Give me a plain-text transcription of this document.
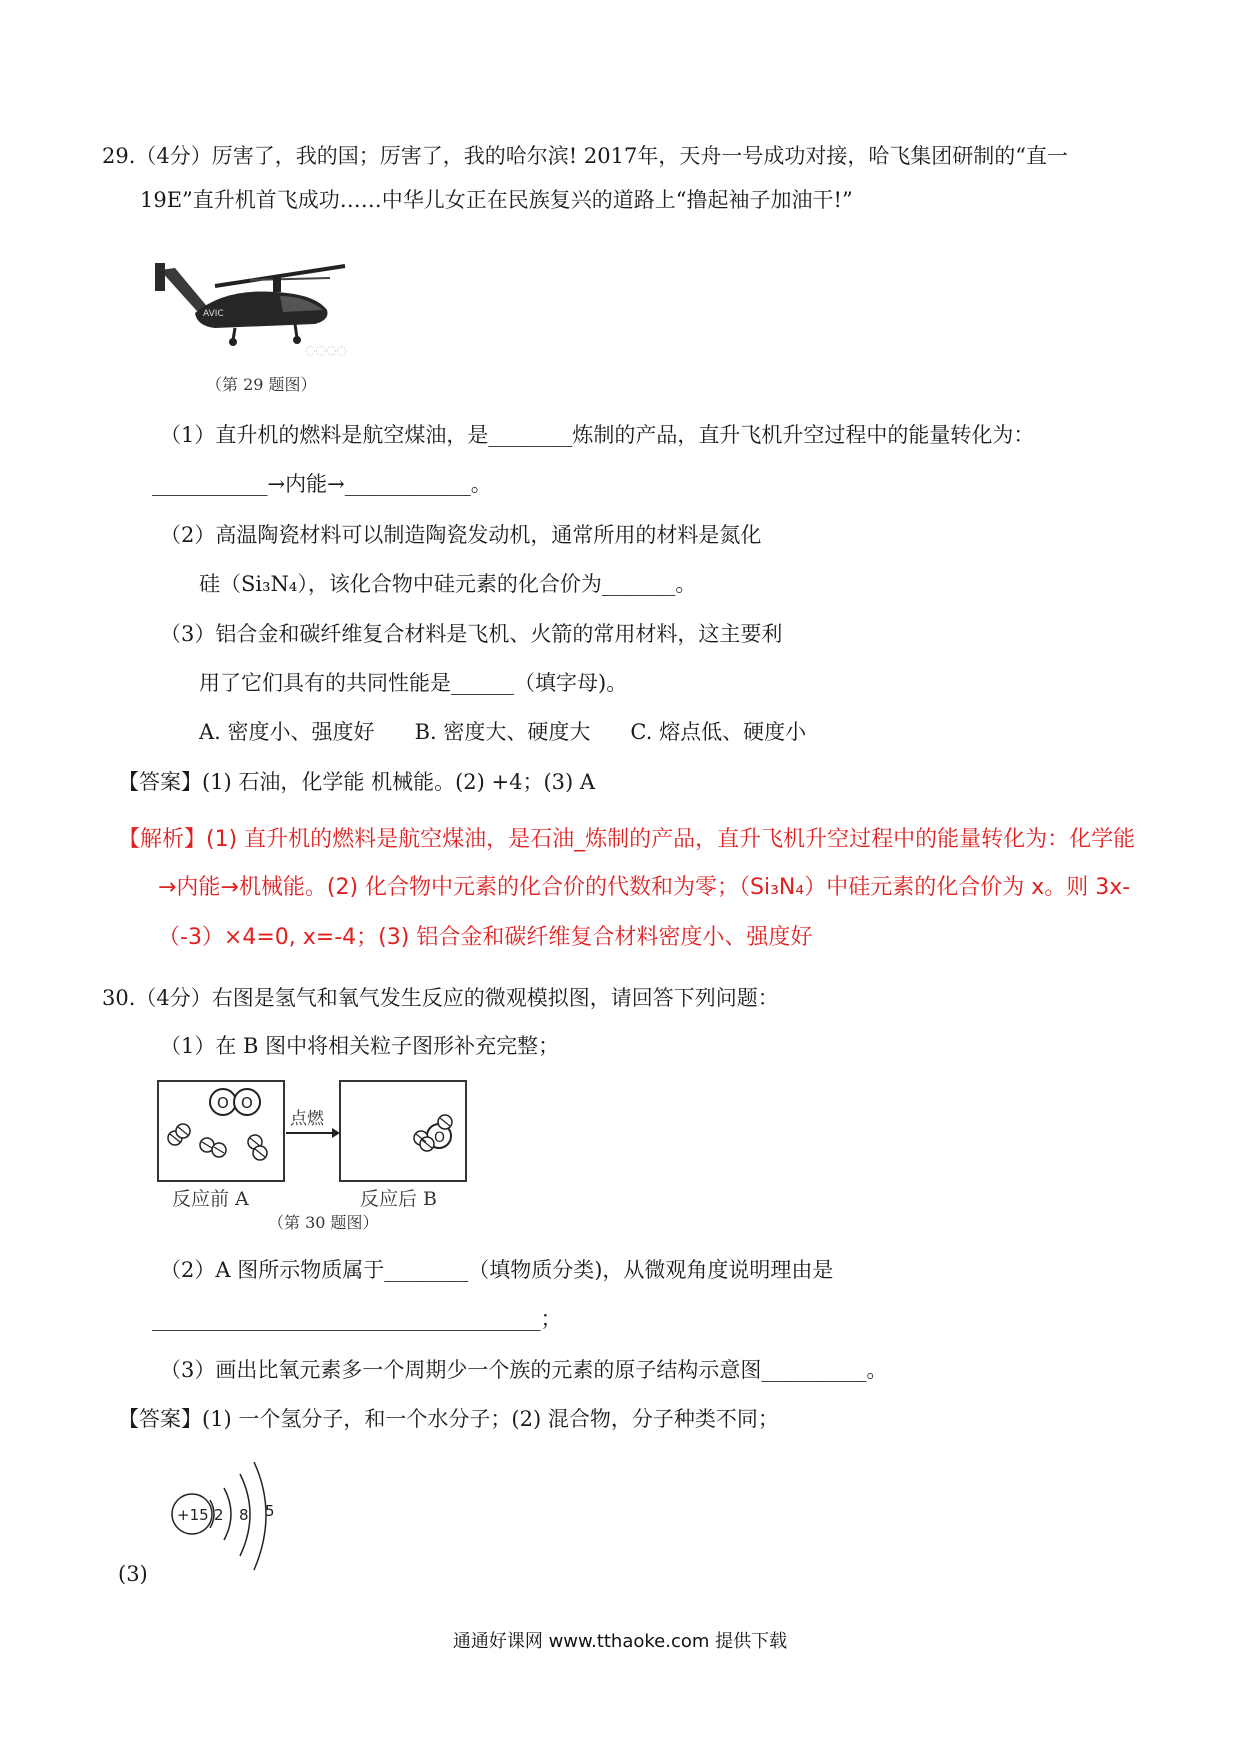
29.（4分）厉害了，我的国；厉害了，我的哈尔滨! 2017年，天舟一号成功对接，哈飞集团研制的“直一
19E”直升机首飞成功……中华儿女正在民族复兴的道路上“撸起袖子加油干!”
AVIC
◌◌◌◌
（第 29 题图）
（1）直升机的燃料是航空煤油，是________炼制的产品，直升飞机升空过程中的能量转化为：
___________→内能→____________。
（2）高温陶瓷材料可以制造陶瓷发动机，通常所用的材料是氮化
硅（Si₃N₄），该化合物中硅元素的化合价为_______。
（3）铝合金和碳纤维复合材料是飞机、火箭的常用材料，这主要利
用了它们具有的共同性能是______（填字母)。
A. 密度小、强度好      B. 密度大、硬度大      C. 熔点低、硬度小
【答案】(1) 石油，化学能 机械能。(2) +4；(3) A
【解析】(1) 直升机的燃料是航空煤油，是石油_炼制的产品，直升飞机升空过程中的能量转化为：化学能
→内能→机械能。(2) 化合物中元素的化合价的代数和为零；（Si₃N₄）中硅元素的化合价为 x。则 3x-
（-3）×4=0, x=-4；(3) 铝合金和碳纤维复合材料密度小、强度好
30.（4分）右图是氢气和氧气发生反应的微观模拟图，请回答下列问题：
（1）在 B 图中将相关粒子图形补充完整；
O O
点燃
O
反应前 A	反应后 B
（第 30 题图）
（2）A 图所示物质属于________（填物质分类)，从微观角度说明理由是
_____________________________________；
（3）画出比氧元素多一个周期少一个族的元素的原子结构示意图__________。
【答案】(1) 一个氢分子，和一个水分子；(2) 混合物，分子种类不同；
+15 2 8 5
(3)
通通好课网 www.tthaoke.com 提供下载
